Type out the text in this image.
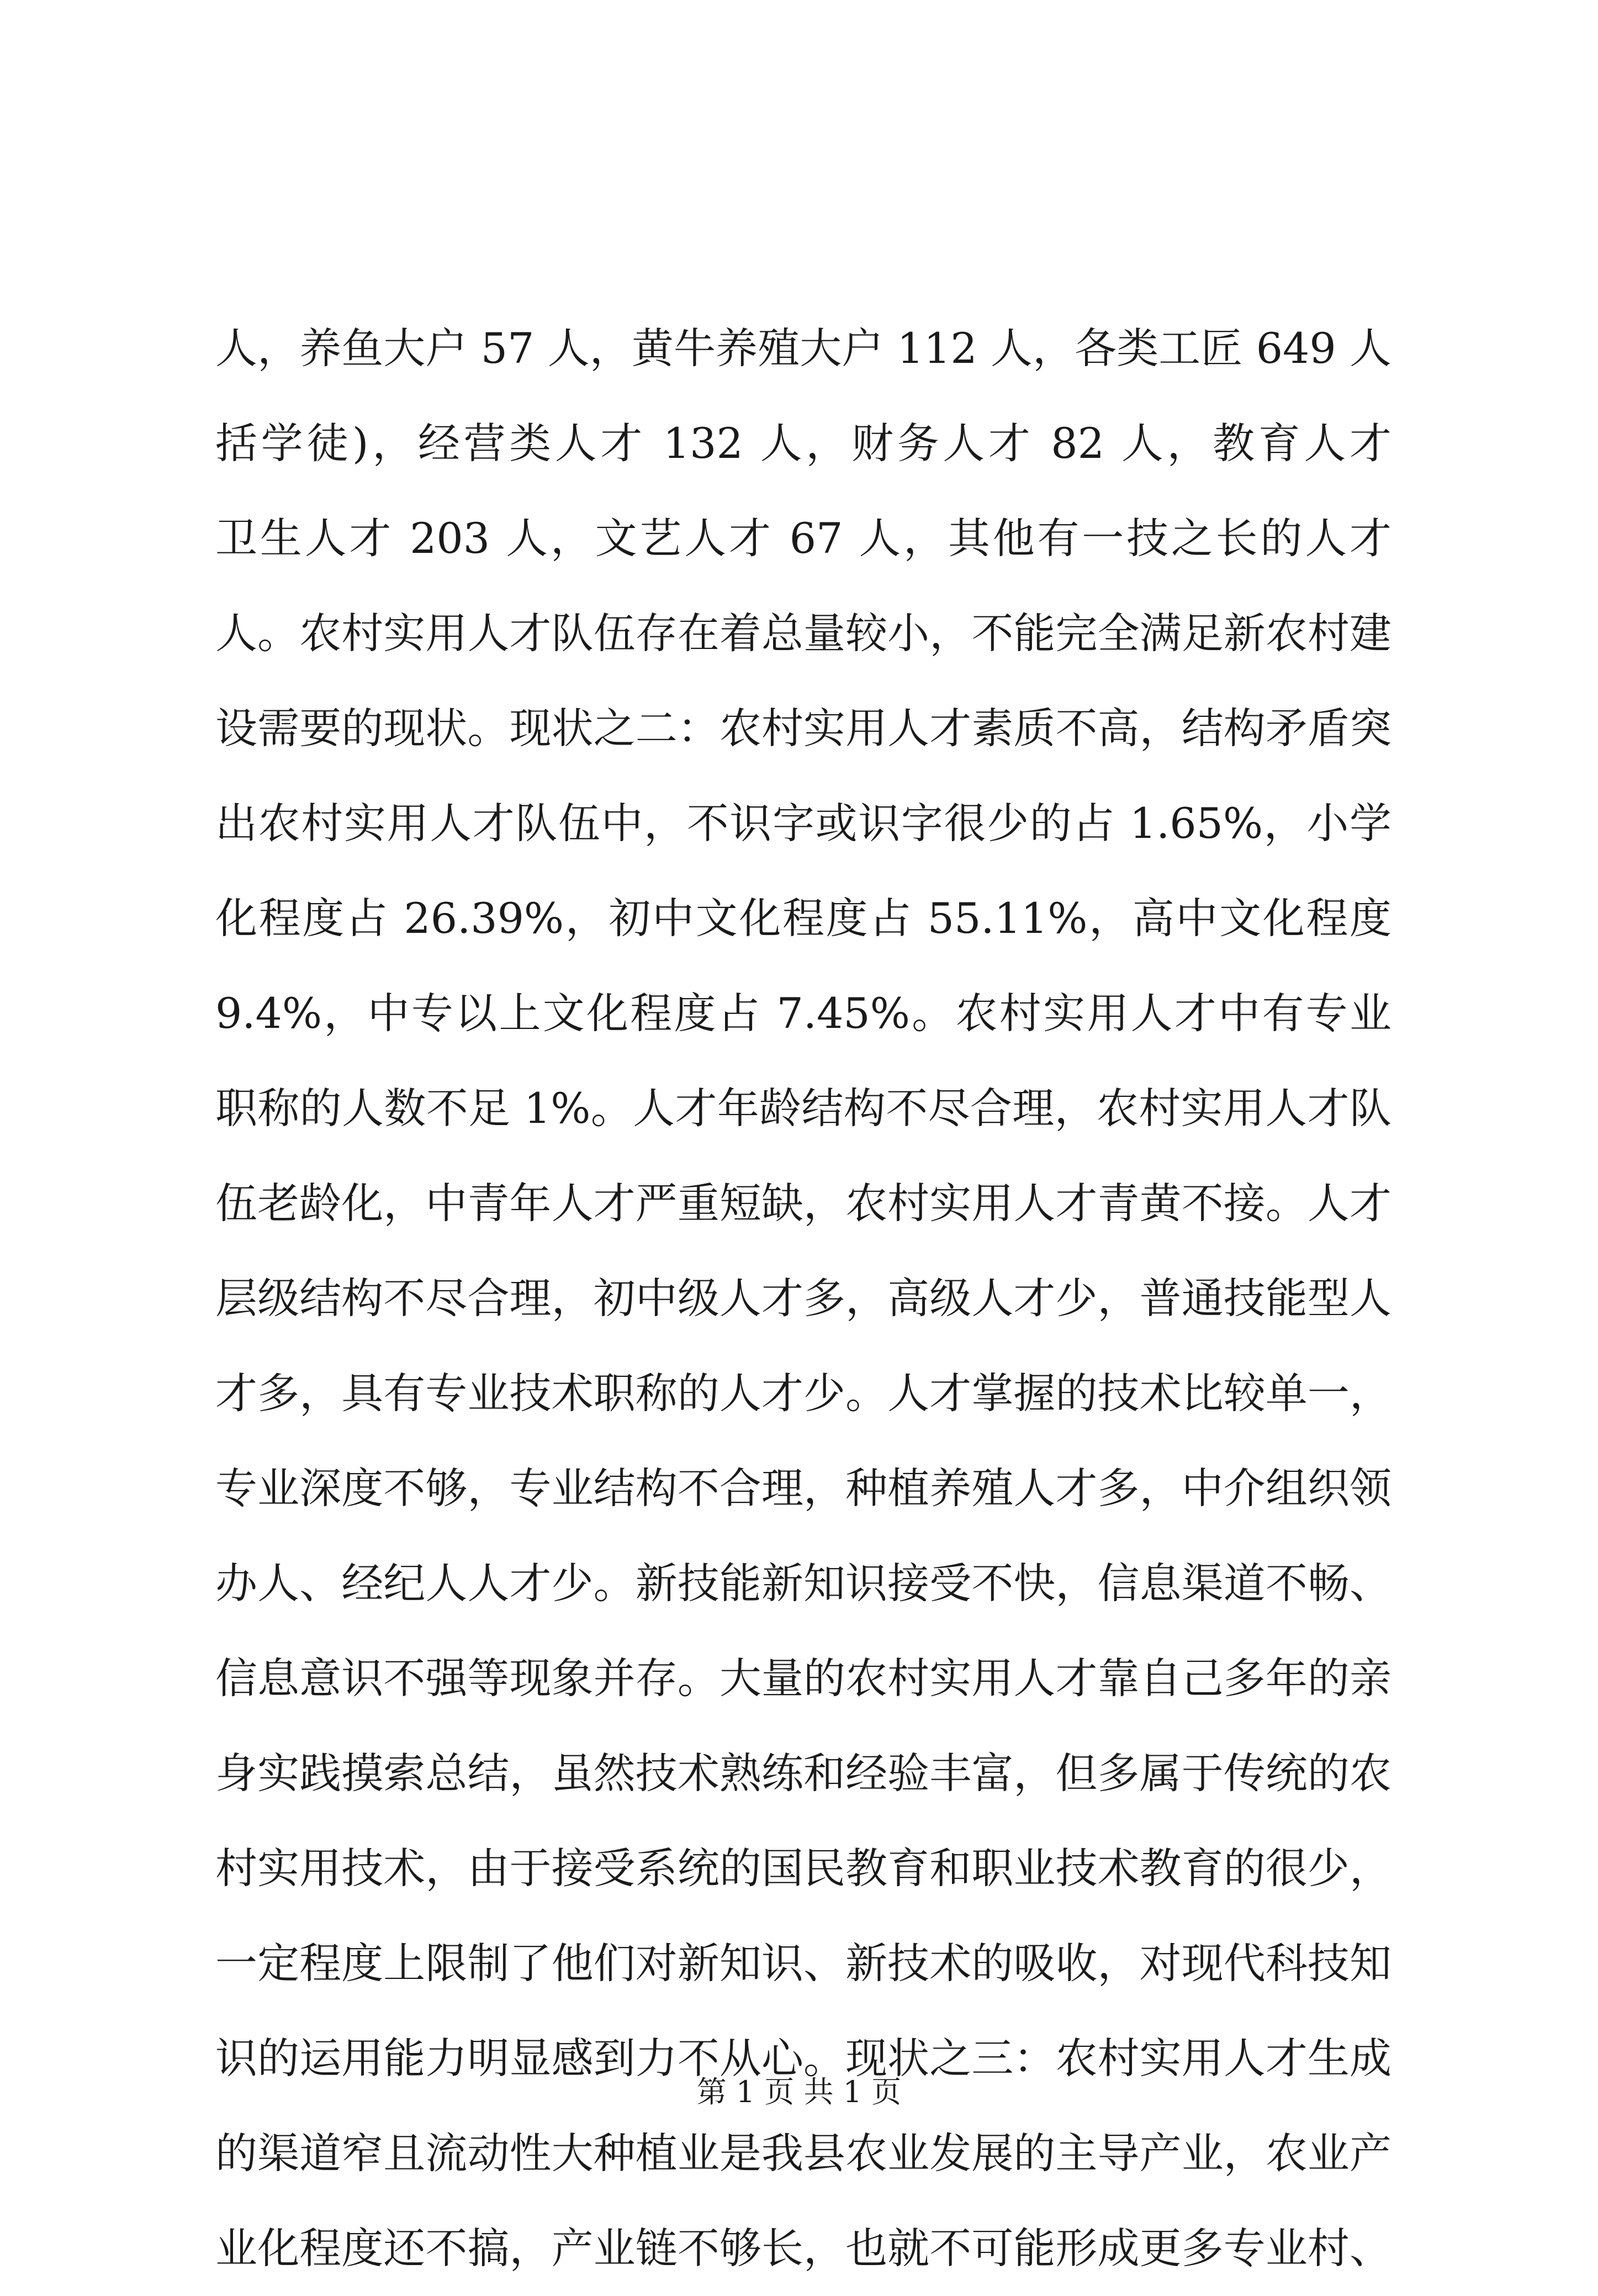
人，养鱼大户 57 人，黄牛养殖大户 112 人，各类工匠 649 人
括学徒)，经营类人才 132 人，财务人才 82 人，教育人才
卫生人才 203 人，文艺人才 67 人，其他有一技之长的人才
人。农村实用人才队伍存在着总量较小，不能完全满足新农村建
设需要的现状。现状之二：农村实用人才素质不高，结构矛盾突
出农村实用人才队伍中，不识字或识字很少的占 1.65%，小学
化程度占 26.39%，初中文化程度占 55.11%，高中文化程度
9.4%，中专以上文化程度占 7.45%。农村实用人才中有专业
职称的人数不足 1%。人才年龄结构不尽合理，农村实用人才队
伍老龄化，中青年人才严重短缺，农村实用人才青黄不接。人才
层级结构不尽合理，初中级人才多，高级人才少，普通技能型人
才多，具有专业技术职称的人才少。人才掌握的技术比较单一，
专业深度不够，专业结构不合理，种植养殖人才多，中介组织领
办人、经纪人人才少。新技能新知识接受不快，信息渠道不畅、
信息意识不强等现象并存。大量的农村实用人才靠自己多年的亲
身实践摸索总结，虽然技术熟练和经验丰富，但多属于传统的农
村实用技术，由于接受系统的国民教育和职业技术教育的很少，
一定程度上限制了他们对新知识、新技术的吸收，对现代科技知
识的运用能力明显感到力不从心。现状之三：农村实用人才生成
的渠道窄且流动性大种植业是我县农业发展的主导产业，农业产
业化程度还不搞，产业链不够长，也就不可能形成更多专业村、
第 1 页 共 1 页
